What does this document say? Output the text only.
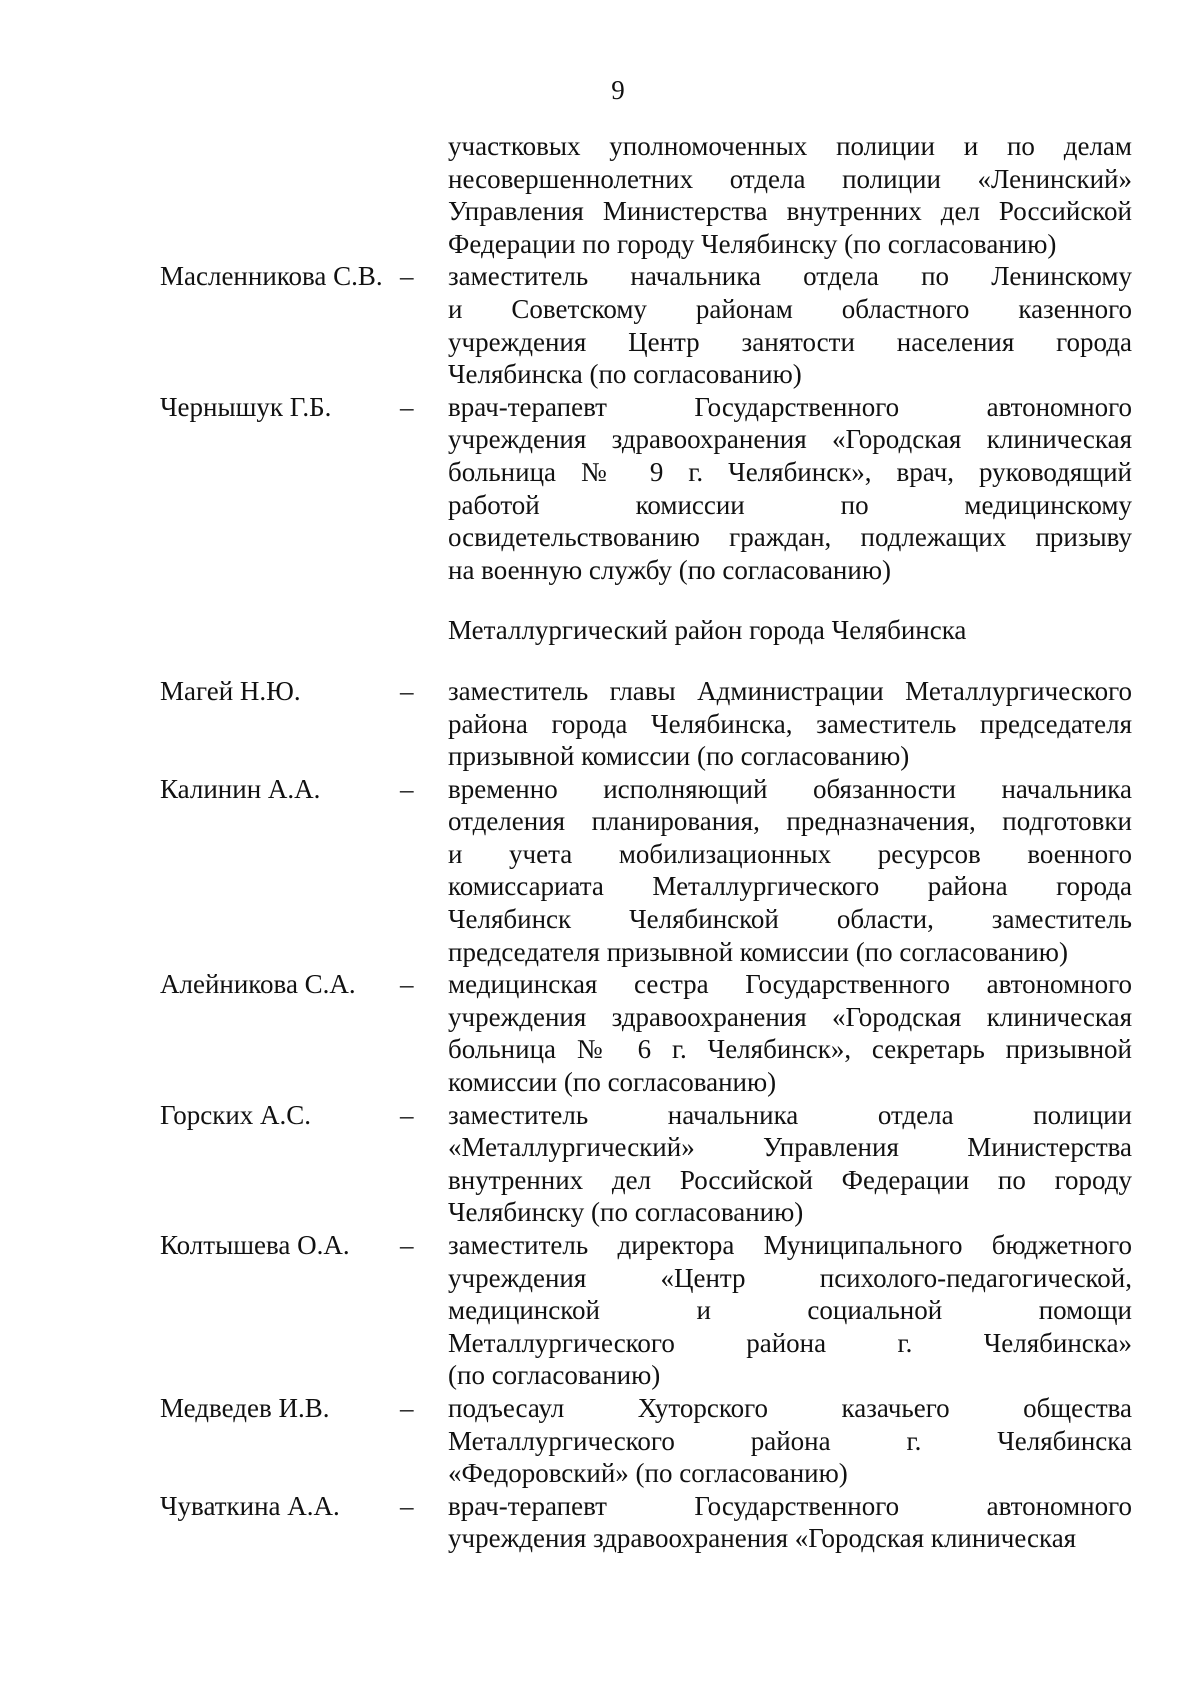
9
участковых уполномоченных полиции и по делам
несовершеннолетних отдела полиции «Ленинский»
Управления Министерства внутренних дел Российской
Федерации по городу Челябинску (по согласованию)
Масленникова С.В. –	заместитель начальника отдела по Ленинскому
и Советскому районам областного казенного
учреждения Центр занятости населения города
Челябинска (по согласованию)
Чернышук Г.Б.	–	врач-терапевт Государственного автономного
учреждения здравоохранения «Городская клиническая
больница № 9 г. Челябинск», врач, руководящий
работой комиссии по медицинскому
освидетельствованию граждан, подлежащих призыву
на военную службу (по согласованию)
Металлургический район города Челябинска
Магей Н.Ю.	–	заместитель главы Администрации Металлургического
района города Челябинска, заместитель председателя
призывной комиссии (по согласованию)
Калинин А.А.	–	временно исполняющий обязанности начальника
отделения планирования, предназначения, подготовки
и учета мобилизационных ресурсов военного
комиссариата Металлургического района города
Челябинск Челябинской области, заместитель
председателя призывной комиссии (по согласованию)
Алейникова С.А.	–	медицинская сестра Государственного автономного
учреждения здравоохранения «Городская клиническая
больница № 6 г. Челябинск», секретарь призывной
комиссии (по согласованию)
Горских А.С.	–	заместитель начальника отдела полиции
«Металлургический» Управления Министерства
внутренних дел Российской Федерации по городу
Челябинску (по согласованию)
Колтышева О.А.	–	заместитель директора Муниципального бюджетного
учреждения «Центр психолого-педагогической,
медицинской и социальной помощи
Металлургического района г. Челябинска»
(по согласованию)
Медведев И.В.	–	подъесаул Хуторского казачьего общества
Металлургического района г. Челябинска
«Федоровский» (по согласованию)
Чуваткина А.А.	–	врач-терапевт Государственного автономного
учреждения здравоохранения «Городская клиническая
